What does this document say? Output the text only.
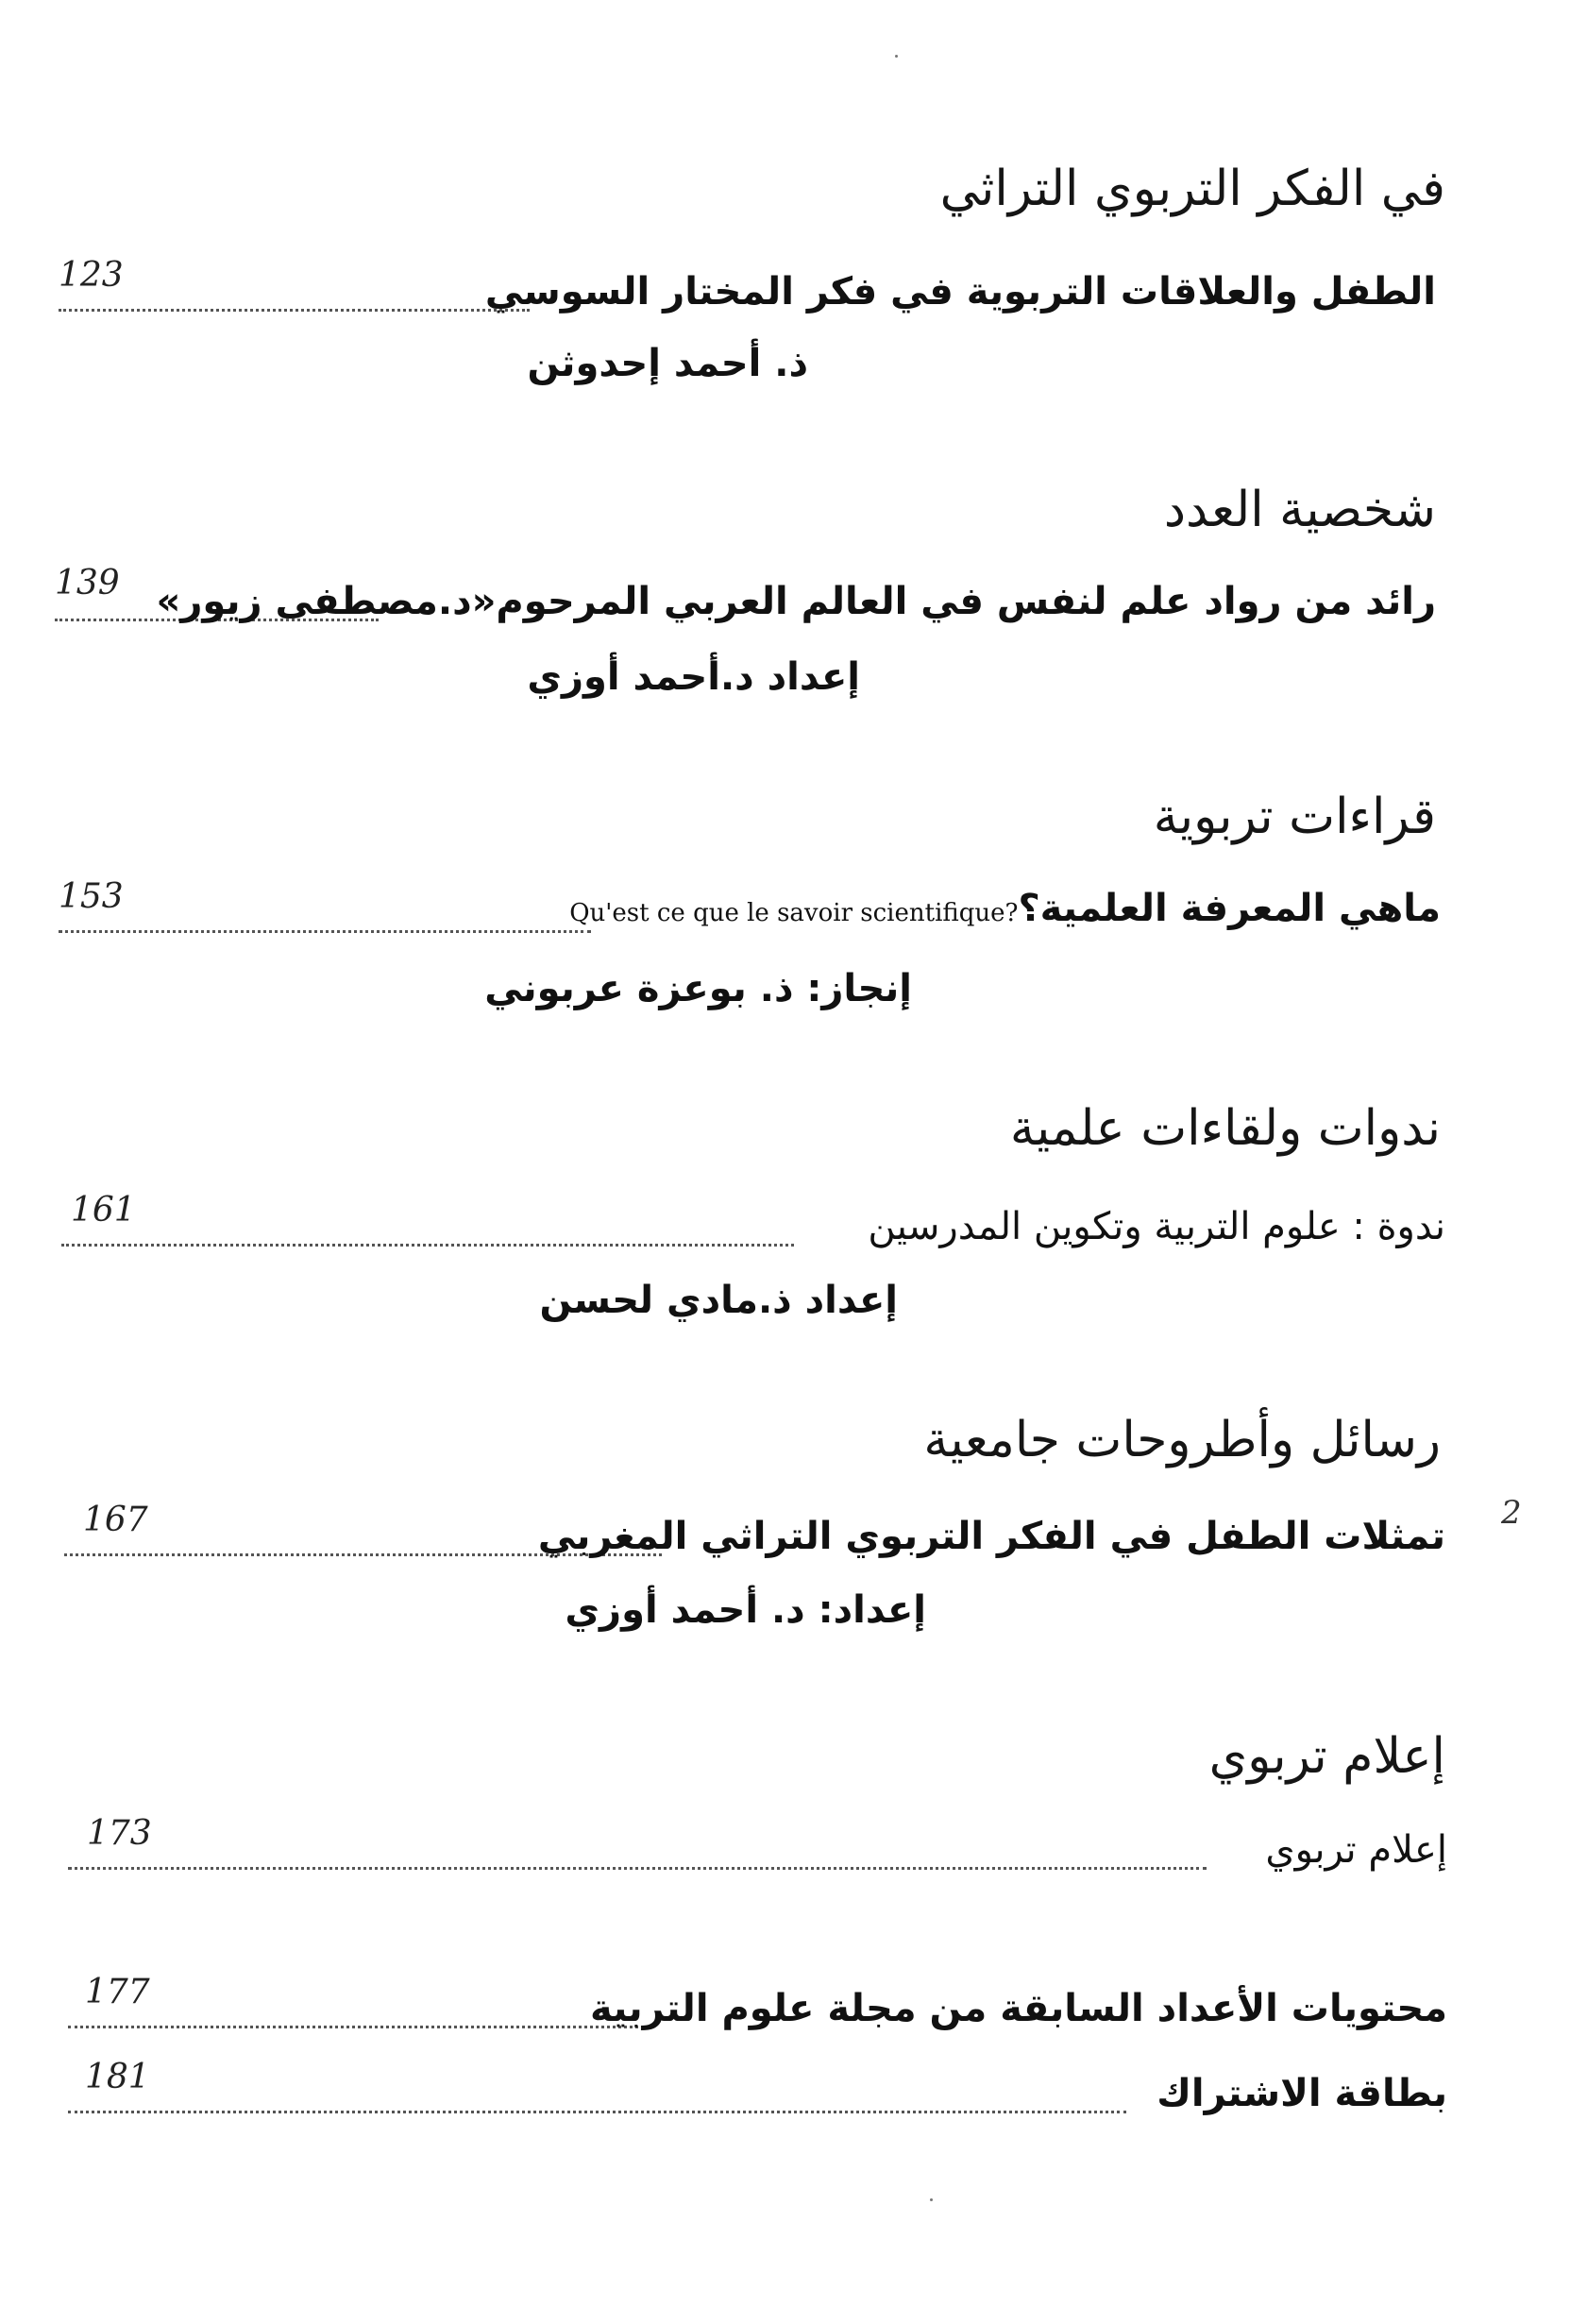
في الفكر التربوي التراثي
123	الطفل والعلاقات التربوية في فكر المختار السوسي
ذ. أحمد إحدوثن
شخصية العدد
139 رائد من رواد علم لنفس في العالم العربي المرحوم«د.مصطفى زيور»
إعداد د.أحمد أوزي
قراءات تربوية
153	ماهي المعرفة العلمية؟Qu'est ce que le savoir scientifique?
إنجاز: ذ. بوعزة عربوني
ندوات ولقاءات علمية
161	ندوة : علوم التربية وتكوين المدرسين
إعداد ذ.مادي لحسن
رسائل وأطروحات جامعية
167	تمثلات الطفل في الفكر التربوي التراثي المغربي
2
إعداد: د. أحمد أوزي
إعلام تربوي
173	إعلام تربوي
177	محتويات الأعداد السابقة من مجلة علوم التربية
181	بطاقة الاشتراك
